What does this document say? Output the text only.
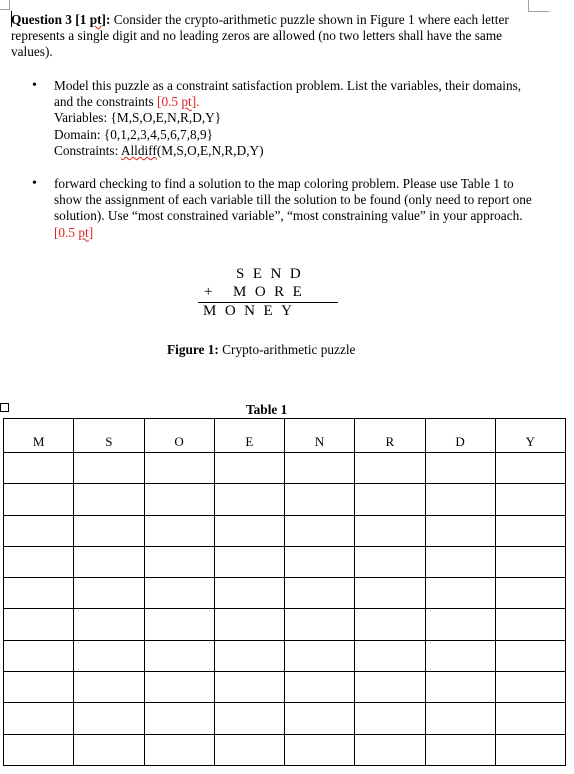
Question 3 [1 pt]: Consider the crypto-arithmetic puzzle shown in Figure 1 where each letter represents a single digit and no leading zeros are allowed (no two letters shall have the same values).
• Model this puzzle as a constraint satisfaction problem. List the variables, their domains, and the constraints [0.5 pt].
Variables: {M,S,O,E,N,R,D,Y}
Domain: {0,1,2,3,4,5,6,7,8,9}
Constraints: Alldiff(M,S,O,E,N,R,D,Y)
• forward checking to find a solution to the map coloring problem. Please use Table 1 to show the assignment of each variable till the solution to be found (only need to report one solution). Use “most constrained variable”, “most constraining value” in your approach. [0.5 pt]
SEND

+

MORE

MONEY
Figure 1: Crypto-arithmetic puzzle
Table 1
M	S	O	E	N	R	D	Y
